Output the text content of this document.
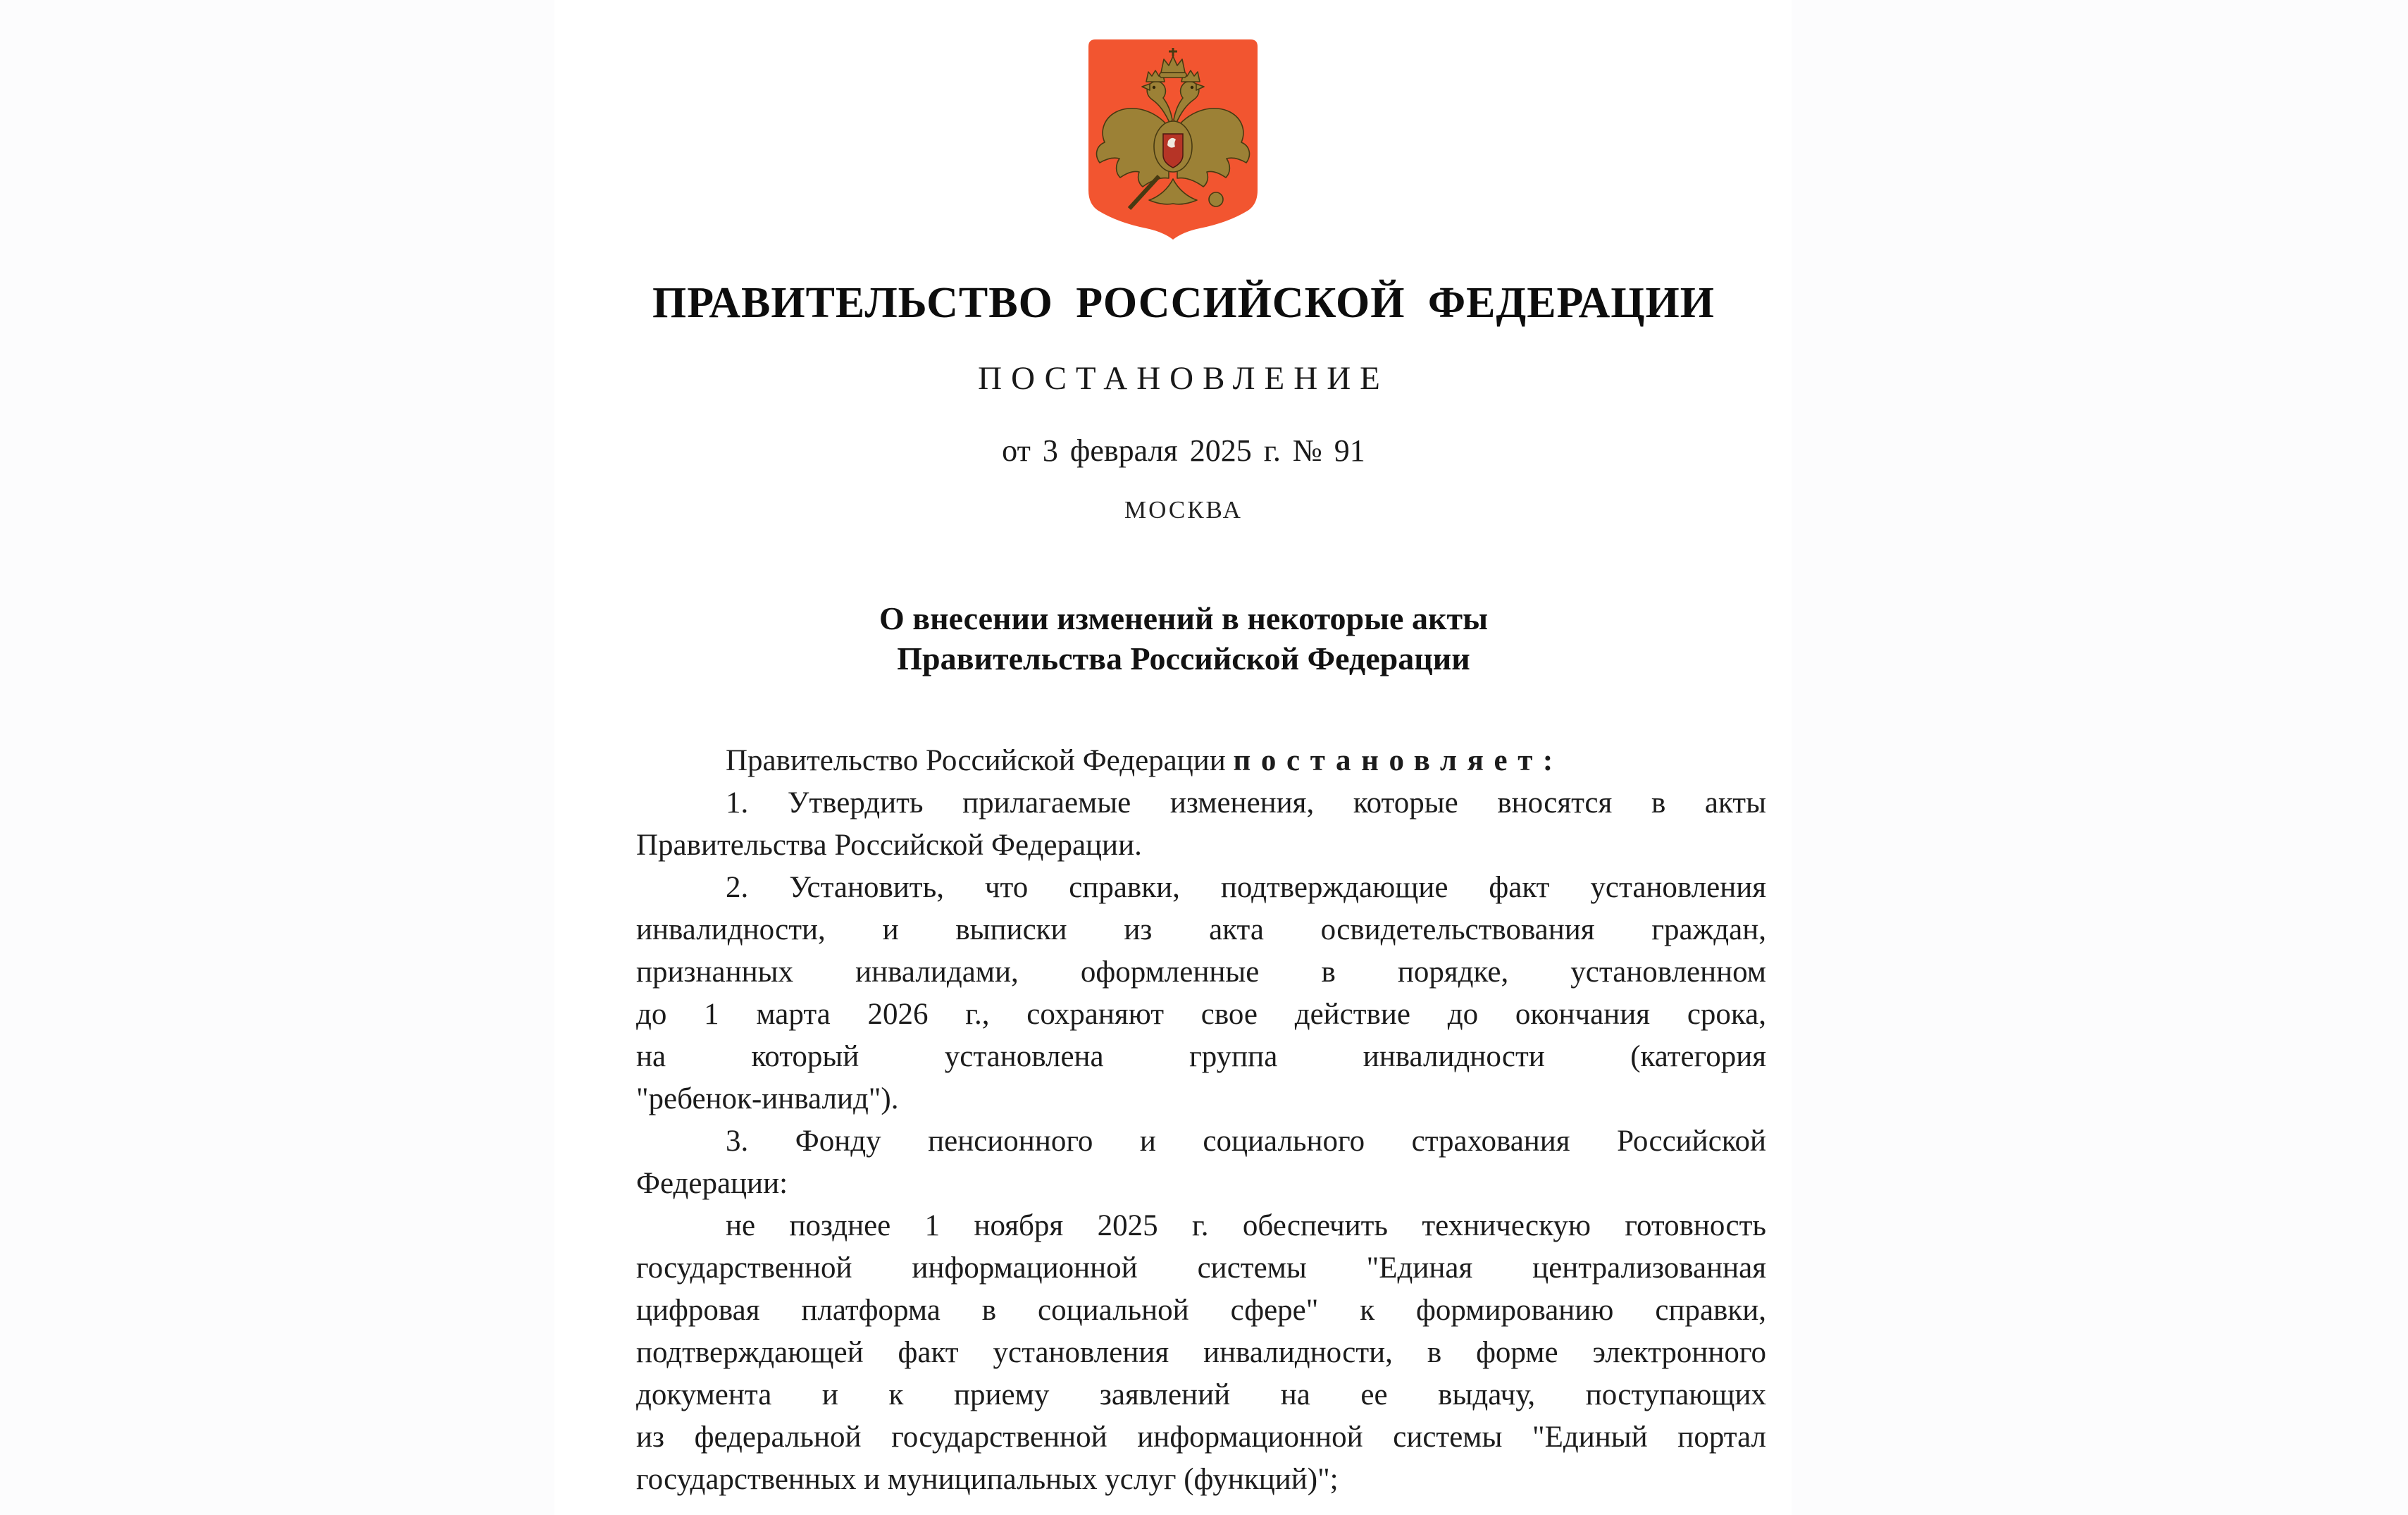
ПРАВИТЕЛЬСТВО РОССИЙСКОЙ ФЕДЕРАЦИИ
ПОСТАНОВЛЕНИЕ
от 3 февраля 2025 г. № 91
МОСКВА
О внесении изменений в некоторые акты
Правительства Российской Федерации
Правительство Российской Федерации постановляет:
1. Утвердить прилагаемые изменения, которые вносятся в акты
Правительства Российской Федерации.
2. Установить, что справки, подтверждающие факт установления
инвалидности, и выписки из акта освидетельствования граждан,
признанных инвалидами, оформленные в порядке, установленном
до 1 марта 2026 г., сохраняют свое действие до окончания срока,
на который установлена группа инвалидности (категория
"ребенок-инвалид").
3. Фонду пенсионного и социального страхования Российской
Федерации:
не позднее 1 ноября 2025 г. обеспечить техническую готовность
государственной информационной системы "Единая централизованная
цифровая платформа в социальной сфере" к формированию справки,
подтверждающей факт установления инвалидности, в форме электронного
документа и к приему заявлений на ее выдачу, поступающих
из федеральной государственной информационной системы "Единый портал
государственных и муниципальных услуг (функций)";
